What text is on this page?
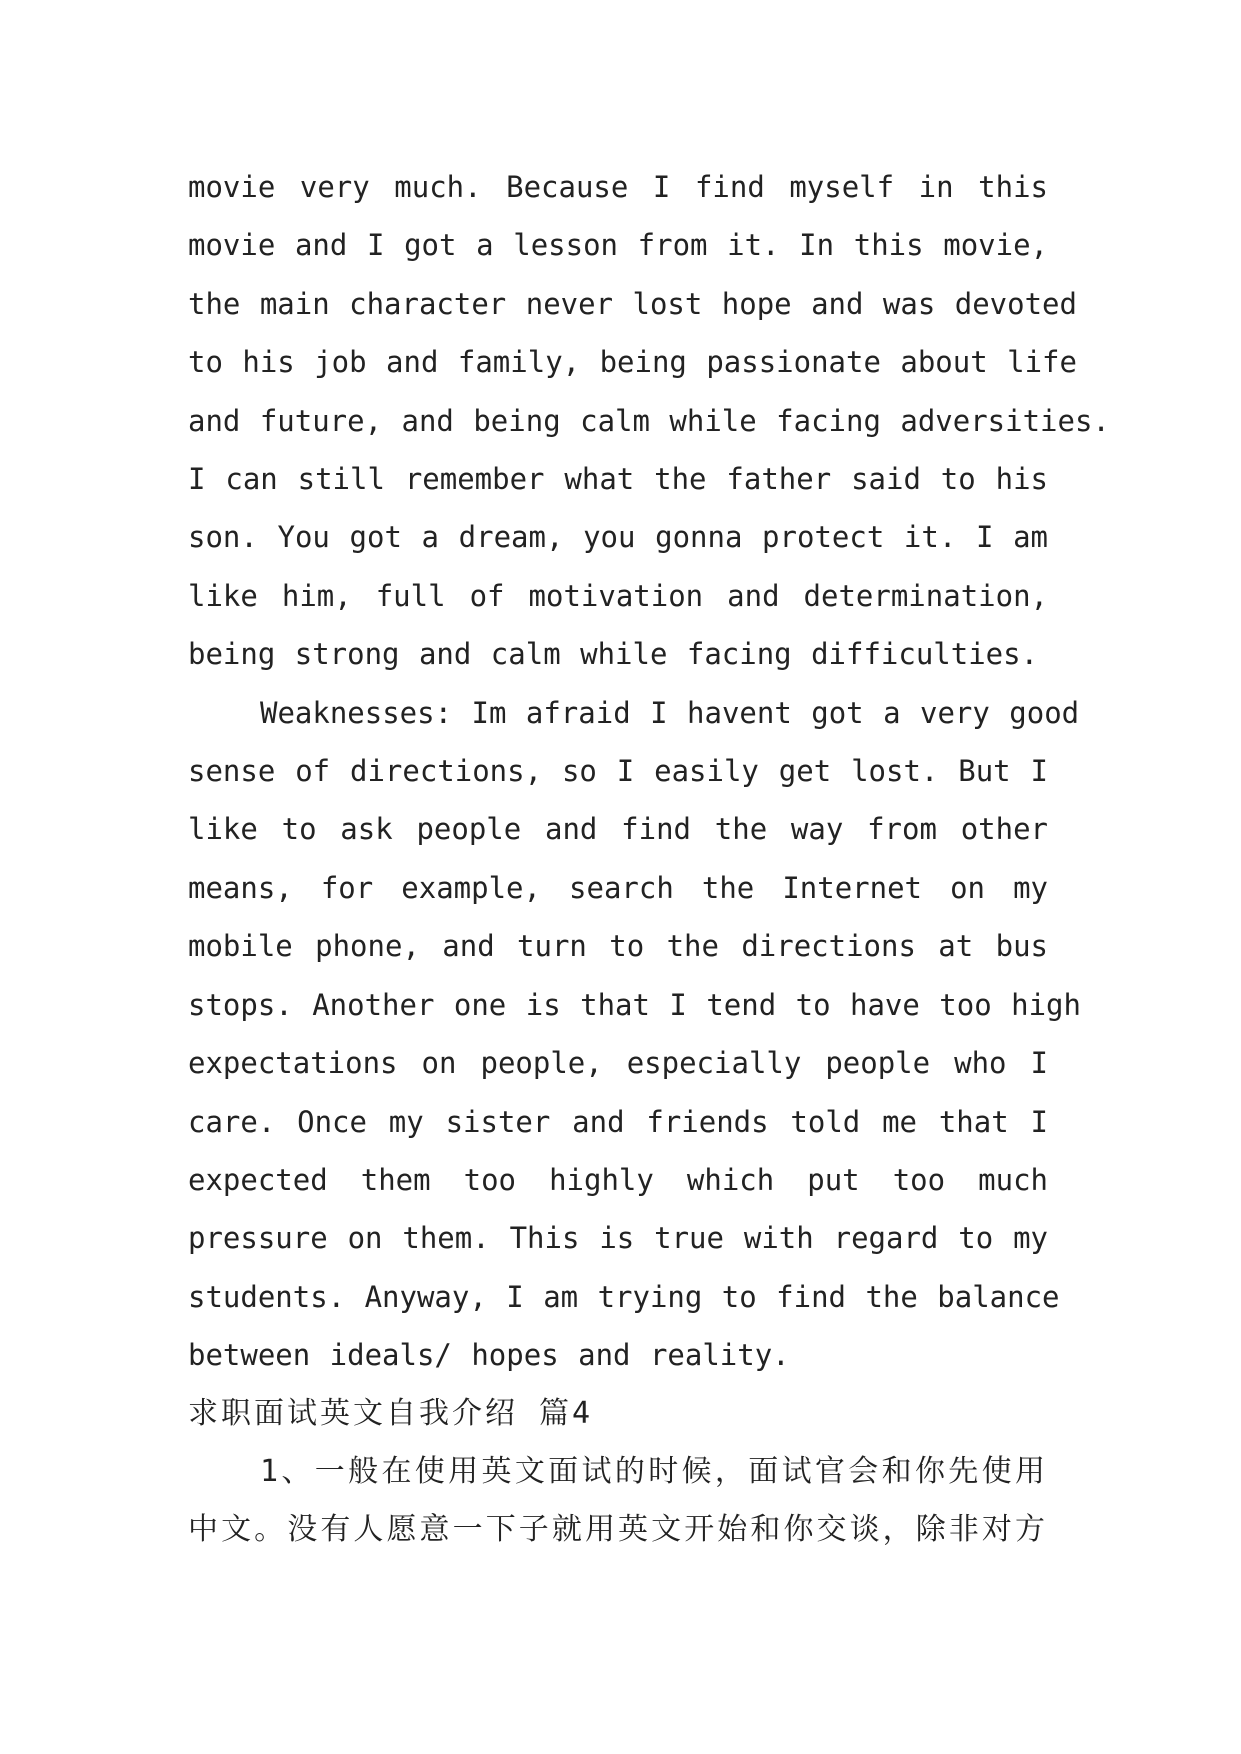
movie very much. Because I find myself in this
movie and I got a lesson from it. In this movie,
the main character never lost hope and was devoted
to his job and family, being passionate about life
and future, and being calm while facing adversities.
I can still remember what the father said to his
son. You got a dream, you gonna protect it. I am
like him, full of motivation and determination,
being strong and calm while facing difficulties.

Weaknesses: Im afraid I havent got a very good
sense of directions, so I easily get lost. But I
like to ask people and find the way from other
means, for example, search the Internet on my
mobile phone, and turn to the directions at bus
stops. Another one is that I tend to have too high
expectations on people, especially people who I
care. Once my sister and friends told me that I
expected them too highly which put too much
pressure on them. This is true with regard to my
students. Anyway, I am trying to find the balance
between ideals/ hopes and reality.

求职面试英文自我介绍 篇4

1、一般在使用英文面试的时候，面试官会和你先使用
中文。没有人愿意一下子就用英文开始和你交谈，除非对方
